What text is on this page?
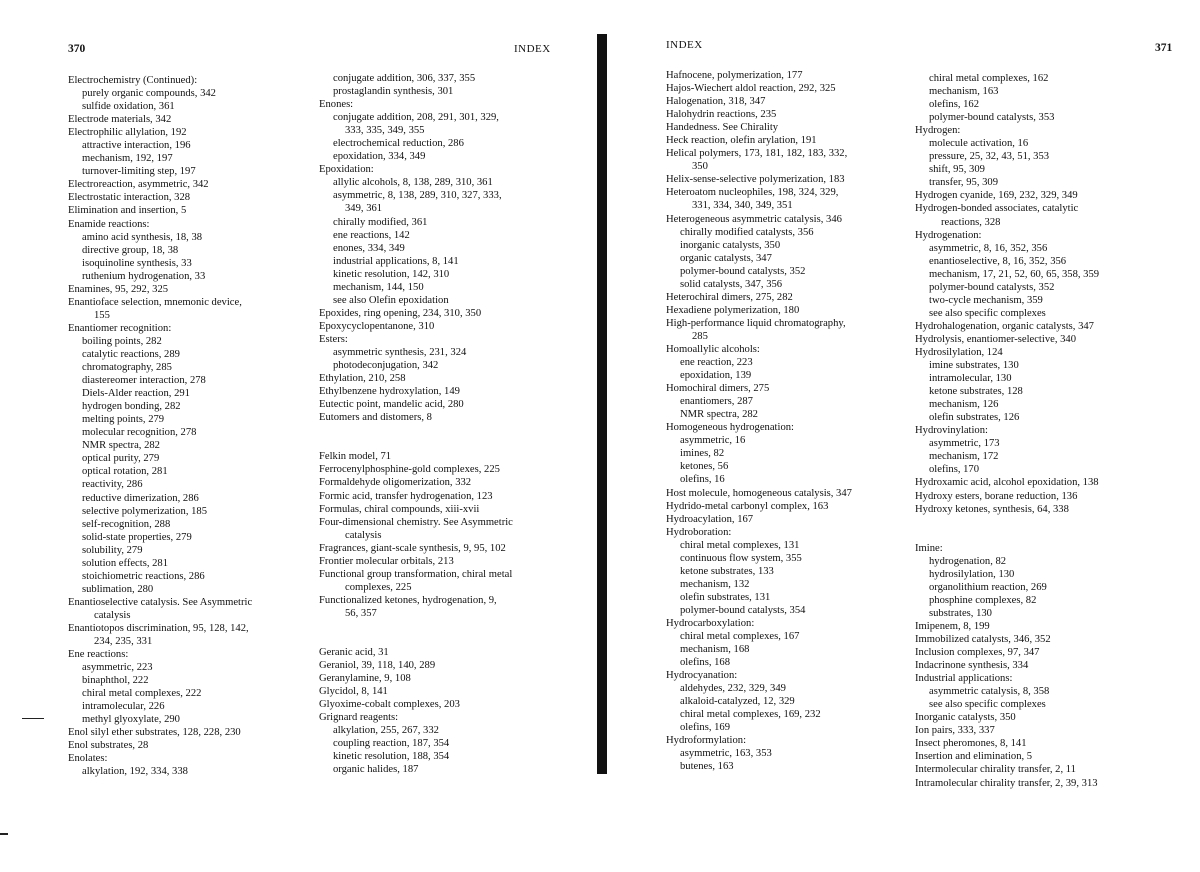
370	INDEX	INDEX	371
Electrochemistry (Continued):
purely organic compounds, 342
sulfide oxidation, 361
Electrode materials, 342
Electrophilic allylation, 192
attractive interaction, 196
mechanism, 192, 197
turnover-limiting step, 197
Electroreaction, asymmetric, 342
Electrostatic interaction, 328
Elimination and insertion, 5
Enamide reactions:
amino acid synthesis, 18, 38
directive group, 18, 38
isoquinoline synthesis, 33
ruthenium hydrogenation, 33
Enamines, 95, 292, 325
Enantioface selection, mnemonic device,
155
Enantiomer recognition:
boiling points, 282
catalytic reactions, 289
chromatography, 285
diastereomer interaction, 278
Diels-Alder reaction, 291
hydrogen bonding, 282
melting points, 279
molecular recognition, 278
NMR spectra, 282
optical purity, 279
optical rotation, 281
reactivity, 286
reductive dimerization, 286
selective polymerization, 185
self-recognition, 288
solid-state properties, 279
solubility, 279
solution effects, 281
stoichiometric reactions, 286
sublimation, 280
Enantioselective catalysis. See Asymmetric
catalysis
Enantiotopos discrimination, 95, 128, 142,
234, 235, 331
Ene reactions:
asymmetric, 223
binaphthol, 222
chiral metal complexes, 222
intramolecular, 226
methyl glyoxylate, 290
Enol silyl ether substrates, 128, 228, 230
Enol substrates, 28
Enolates:
alkylation, 192, 334, 338
conjugate addition, 306, 337, 355
prostaglandin synthesis, 301
Enones:
conjugate addition, 208, 291, 301, 329,
333, 335, 349, 355
electrochemical reduction, 286
epoxidation, 334, 349
Epoxidation:
allylic alcohols, 8, 138, 289, 310, 361
asymmetric, 8, 138, 289, 310, 327, 333,
349, 361
chirally modified, 361
ene reactions, 142
enones, 334, 349
industrial applications, 8, 141
kinetic resolution, 142, 310
mechanism, 144, 150
see also Olefin epoxidation
Epoxides, ring opening, 234, 310, 350
Epoxycyclopentanone, 310
Esters:
asymmetric synthesis, 231, 324
photodeconjugation, 342
Ethylation, 210, 258
Ethylbenzene hydroxylation, 149
Eutectic point, mandelic acid, 280
Eutomers and distomers, 8
Felkin model, 71
Ferrocenylphosphine-gold complexes, 225
Formaldehyde oligomerization, 332
Formic acid, transfer hydrogenation, 123
Formulas, chiral compounds, xiii-xvii
Four-dimensional chemistry. See Asymmetric
catalysis
Fragrances, giant-scale synthesis, 9, 95, 102
Frontier molecular orbitals, 213
Functional group transformation, chiral metal
complexes, 225
Functionalized ketones, hydrogenation, 9,
56, 357
Geranic acid, 31
Geraniol, 39, 118, 140, 289
Geranylamine, 9, 108
Glycidol, 8, 141
Glyoxime-cobalt complexes, 203
Grignard reagents:
alkylation, 255, 267, 332
coupling reaction, 187, 354
kinetic resolution, 188, 354
organic halides, 187
Hafnocene, polymerization, 177
Hajos-Wiechert aldol reaction, 292, 325
Halogenation, 318, 347
Halohydrin reactions, 235
Handedness. See Chirality
Heck reaction, olefin arylation, 191
Helical polymers, 173, 181, 182, 183, 332,
350
Helix-sense-selective polymerization, 183
Heteroatom nucleophiles, 198, 324, 329,
331, 334, 340, 349, 351
Heterogeneous asymmetric catalysis, 346
chirally modified catalysts, 356
inorganic catalysts, 350
organic catalysts, 347
polymer-bound catalysts, 352
solid catalysts, 347, 356
Heterochiral dimers, 275, 282
Hexadiene polymerization, 180
High-performance liquid chromatography,
285
Homoallylic alcohols:
ene reaction, 223
epoxidation, 139
Homochiral dimers, 275
enantiomers, 287
NMR spectra, 282
Homogeneous hydrogenation:
asymmetric, 16
imines, 82
ketones, 56
olefins, 16
Host molecule, homogeneous catalysis, 347
Hydrido-metal carbonyl complex, 163
Hydroacylation, 167
Hydroboration:
chiral metal complexes, 131
continuous flow system, 355
ketone substrates, 133
mechanism, 132
olefin substrates, 131
polymer-bound catalysts, 354
Hydrocarboxylation:
chiral metal complexes, 167
mechanism, 168
olefins, 168
Hydrocyanation:
aldehydes, 232, 329, 349
alkaloid-catalyzed, 12, 329
chiral metal complexes, 169, 232
olefins, 169
Hydroformylation:
asymmetric, 163, 353
butenes, 163
chiral metal complexes, 162
mechanism, 163
olefins, 162
polymer-bound catalysts, 353
Hydrogen:
molecule activation, 16
pressure, 25, 32, 43, 51, 353
shift, 95, 309
transfer, 95, 309
Hydrogen cyanide, 169, 232, 329, 349
Hydrogen-bonded associates, catalytic
reactions, 328
Hydrogenation:
asymmetric, 8, 16, 352, 356
enantioselective, 8, 16, 352, 356
mechanism, 17, 21, 52, 60, 65, 358, 359
polymer-bound catalysts, 352
two-cycle mechanism, 359
see also specific complexes
Hydrohalogenation, organic catalysts, 347
Hydrolysis, enantiomer-selective, 340
Hydrosilylation, 124
imine substrates, 130
intramolecular, 130
ketone substrates, 128
mechanism, 126
olefin substrates, 126
Hydrovinylation:
asymmetric, 173
mechanism, 172
olefins, 170
Hydroxamic acid, alcohol epoxidation, 138
Hydroxy esters, borane reduction, 136
Hydroxy ketones, synthesis, 64, 338
Imine:
hydrogenation, 82
hydrosilylation, 130
organolithium reaction, 269
phosphine complexes, 82
substrates, 130
Imipenem, 8, 199
Immobilized catalysts, 346, 352
Inclusion complexes, 97, 347
Indacrinone synthesis, 334
Industrial applications:
asymmetric catalysis, 8, 358
see also specific complexes
Inorganic catalysts, 350
Ion pairs, 333, 337
Insect pheromones, 8, 141
Insertion and elimination, 5
Intermolecular chirality transfer, 2, 11
Intramolecular chirality transfer, 2, 39, 313
